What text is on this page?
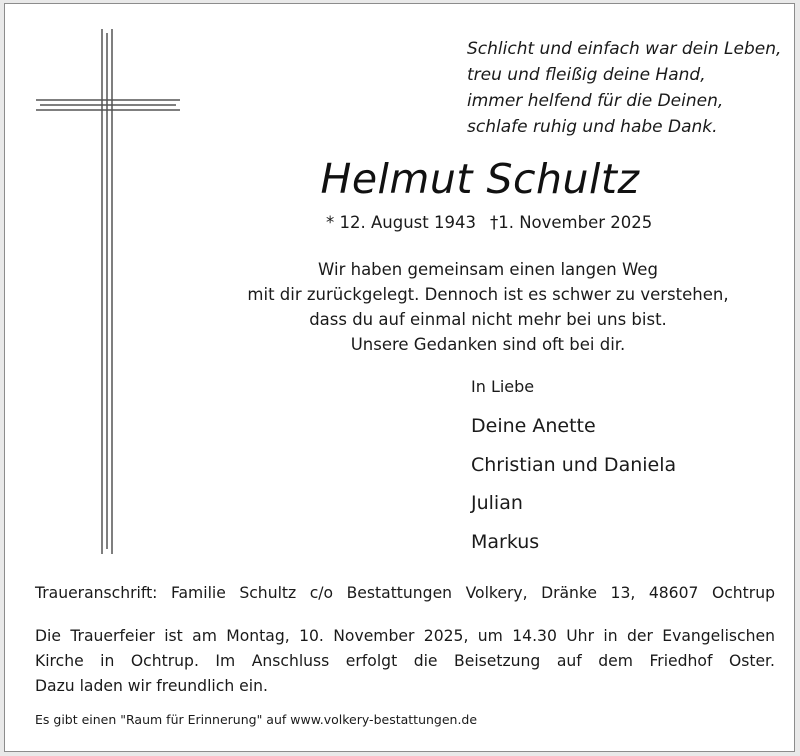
Schlicht und einfach war dein Leben,
treu und fleißig deine Hand,
immer helfend für die Deinen,
schlafe ruhig und habe Dank.
Helmut Schultz
* 12. August 1943 †1. November 2025
Wir haben gemeinsam einen langen Weg
mit dir zurückgelegt. Dennoch ist es schwer zu verstehen,
dass du auf einmal nicht mehr bei uns bist.
Unsere Gedanken sind oft bei dir.
In Liebe
Deine Anette
Christian und Daniela
Julian
Markus
Traueranschrift: Familie Schultz c/o Bestattungen Volkery, Dränke 13, 48607 Ochtrup
Die Trauerfeier ist am Montag, 10. November 2025, um 14.30 Uhr in der Evangelischen
Kirche in Ochtrup. Im Anschluss erfolgt die Beisetzung auf dem Friedhof Oster.
Dazu laden wir freundlich ein.
Es gibt einen "Raum für Erinnerung" auf www.volkery-bestattungen.de
